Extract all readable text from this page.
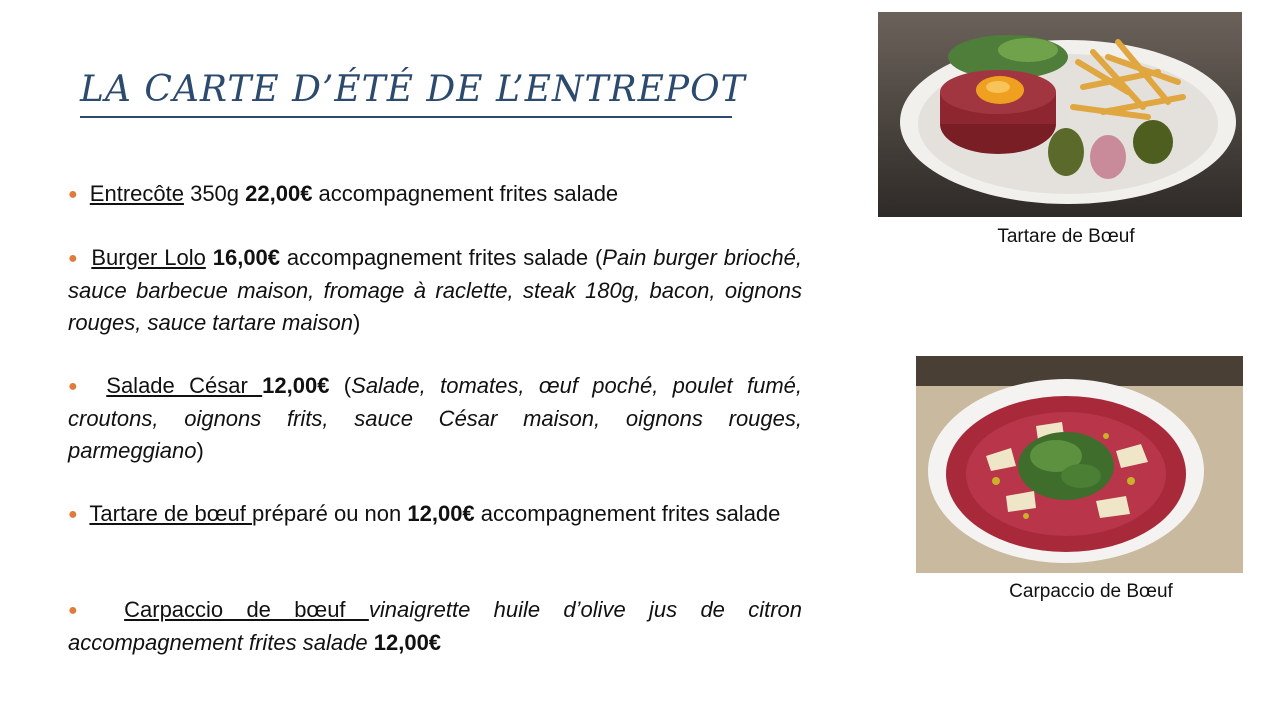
LA CARTE D’ÉTÉ DE L’ENTREPOT

● Entrecôte 350g 22,00€ accompagnement frites salade

● Burger Lolo 16,00€ accompagnement frites salade (Pain burger brioché, sauce barbecue maison, fromage à raclette, steak 180g, bacon, oignons rouges, sauce tartare maison)

● Salade César 12,00€ (Salade, tomates, œuf poché, poulet fumé, croutons, oignons frits, sauce César maison, oignons rouges, parmeggiano)

● Tartare de bœuf préparé ou non 12,00€ accompagnement frites salade

● Carpaccio de bœuf vinaigrette huile d’olive jus de citron accompagnement frites salade 12,00€

Tartare de Bœuf
Carpaccio de Bœuf
